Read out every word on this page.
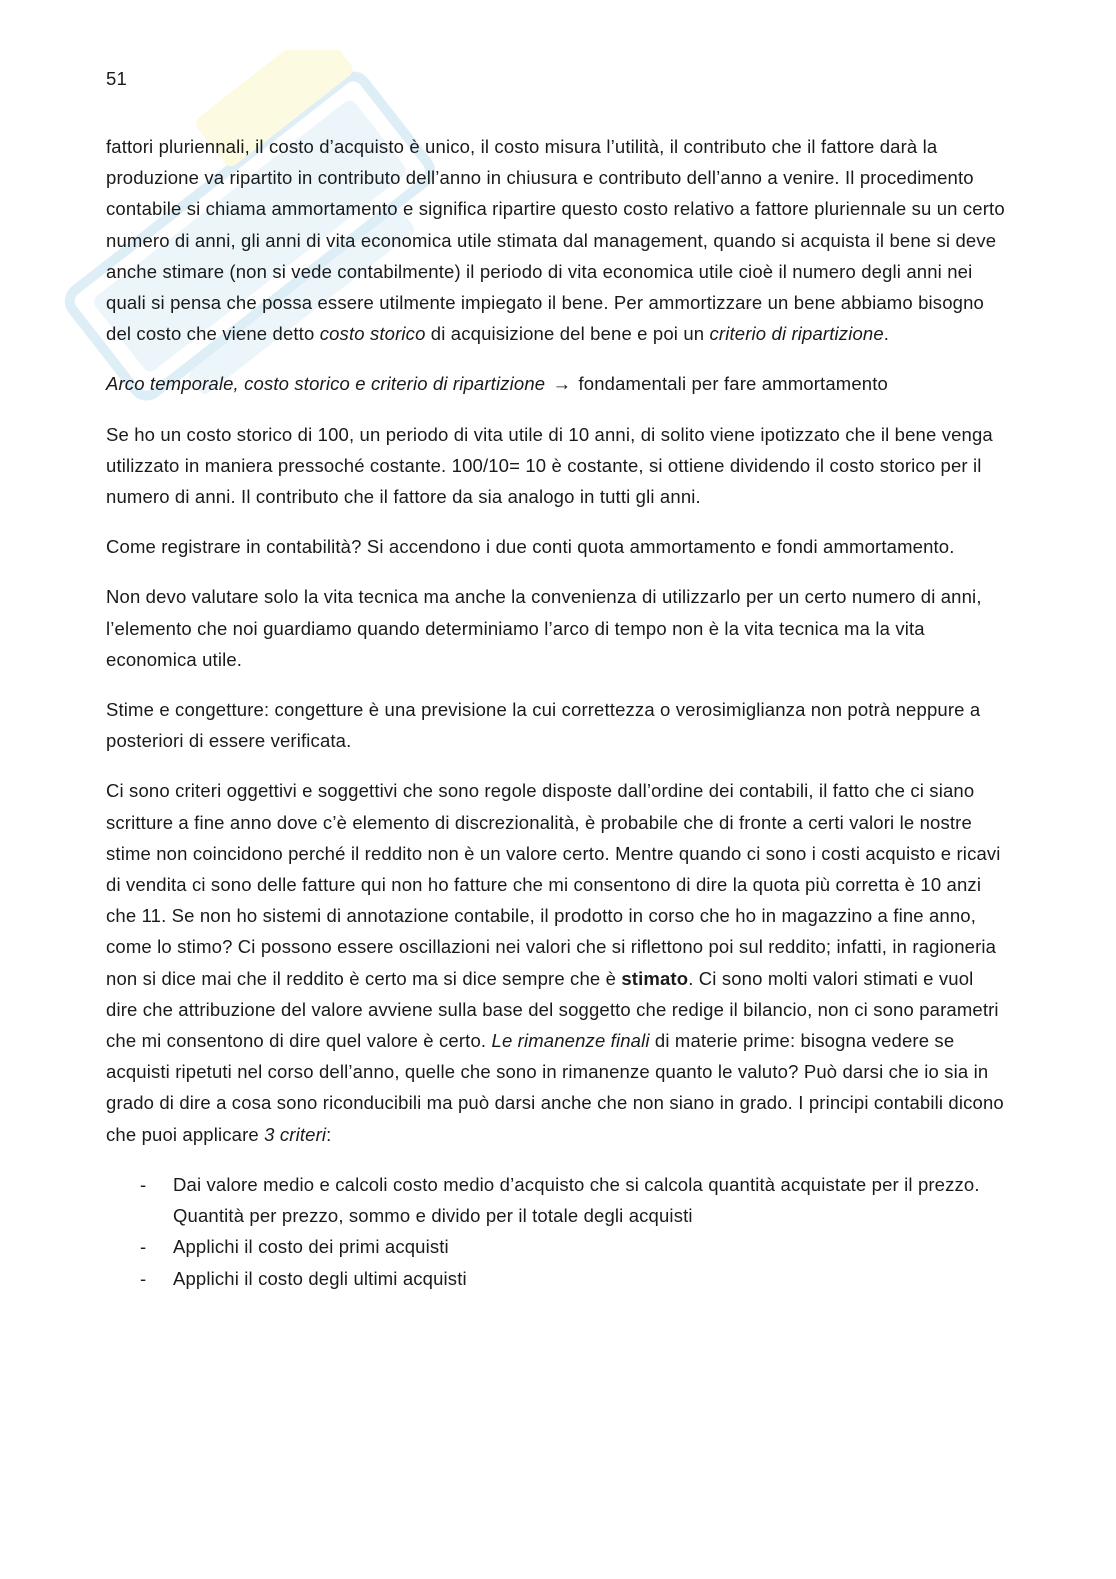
51

fattori pluriennali, il costo d’acquisto è unico, il costo misura l’utilità, il contributo che il fattore darà la produzione va ripartito in contributo dell’anno in chiusura e contributo dell’anno a venire. Il procedimento contabile si chiama ammortamento e significa ripartire questo costo relativo a fattore pluriennale su un certo numero di anni, gli anni di vita economica utile stimata dal management, quando si acquista il bene si deve anche stimare (non si vede contabilmente) il periodo di vita economica utile cioè il numero degli anni nei quali si pensa che possa essere utilmente impiegato il bene. Per ammortizzare un bene abbiamo bisogno del costo che viene detto costo storico di acquisizione del bene e poi un criterio di ripartizione.

Arco temporale, costo storico e criterio di ripartizione → fondamentali per fare ammortamento

Se ho un costo storico di 100, un periodo di vita utile di 10 anni, di solito viene ipotizzato che il bene venga utilizzato in maniera pressoché costante. 100/10= 10 è costante, si ottiene dividendo il costo storico per il numero di anni. Il contributo che il fattore da sia analogo in tutti gli anni.

Come registrare in contabilità? Si accendono i due conti quota ammortamento e fondi ammortamento.

Non devo valutare solo la vita tecnica ma anche la convenienza di utilizzarlo per un certo numero di anni, l’elemento che noi guardiamo quando determiniamo l’arco di tempo non è la vita tecnica ma la vita economica utile.

Stime e congetture: congetture è una previsione la cui correttezza o verosimiglianza non potrà neppure a posteriori di essere verificata.

Ci sono criteri oggettivi e soggettivi che sono regole disposte dall’ordine dei contabili, il fatto che ci siano scritture a fine anno dove c’è elemento di discrezionalità, è probabile che di fronte a certi valori le nostre stime non coincidono perché il reddito non è un valore certo. Mentre quando ci sono i costi acquisto e ricavi di vendita ci sono delle fatture qui non ho fatture che mi consentono di dire la quota più corretta è 10 anzi che 11. Se non ho sistemi di annotazione contabile, il prodotto in corso che ho in magazzino a fine anno, come lo stimo? Ci possono essere oscillazioni nei valori che si riflettono poi sul reddito; infatti, in ragioneria non si dice mai che il reddito è certo ma si dice sempre che è stimato. Ci sono molti valori stimati e vuol dire che attribuzione del valore avviene sulla base del soggetto che redige il bilancio, non ci sono parametri che mi consentono di dire quel valore è certo. Le rimanenze finali di materie prime: bisogna vedere se acquisti ripetuti nel corso dell’anno, quelle che sono in rimanenze quanto le valuto? Può darsi che io sia in grado di dire a cosa sono riconducibili ma può darsi anche che non siano in grado. I principi contabili dicono che puoi applicare 3 criteri:

- Dai valore medio e calcoli costo medio d’acquisto che si calcola quantità acquistate per il prezzo. Quantità per prezzo, sommo e divido per il totale degli acquisti
- Applichi il costo dei primi acquisti
- Applichi il costo degli ultimi acquisti
